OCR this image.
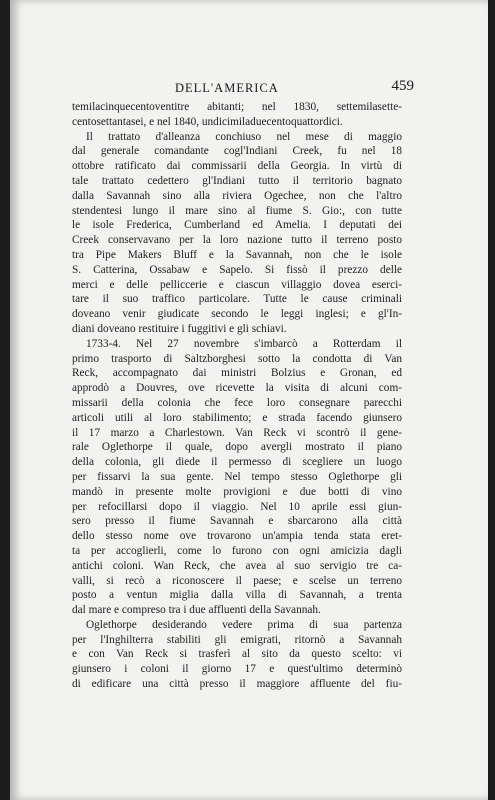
DELL'AMERICA	459
temilacinquecentoventitre abitanti; nel 1830, settemilasette-
centosettantasei, e nel 1840, undicimiladuecentoquattordici.
Il trattato d'alleanza conchiuso nel mese di maggio
dal generale comandante cogl'Indiani Creek, fu nel 18
ottobre ratificato dai commissarii della Georgia. In virtù di
tale trattato cedettero gl'Indiani tutto il territorio bagnato
dalla Savannah sino alla riviera Ogechee, non che l'altro
stendentesi lungo il mare sino al fiume S. Gio:, con tutte
le isole Frederica, Cumberland ed Amelia. I deputati dei
Creek conservavano per la loro nazione tutto il terreno posto
tra Pipe Makers Bluff e la Savannah, non che le isole
S. Catterina, Ossabaw e Sapelo. Si fissò il prezzo delle
merci e delle pelliccerie e ciascun villaggio dovea eserci-
tare il suo traffico particolare. Tutte le cause criminali
doveano venir giudicate secondo le leggi inglesi; e gl'In-
diani doveano restituire i fuggitivi e gli schiavi.
1733-4. Nel 27 novembre s'imbarcò a Rotterdam il
primo trasporto di Saltzborghesi sotto la condotta di Van
Reck, accompagnato dai ministri Bolzius e Gronan, ed
approdò a Douvres, ove ricevette la visita di alcuni com-
missarii della colonia che fece loro consegnare parecchi
articoli utili al loro stabilimento; e strada facendo giunsero
il 17 marzo a Charlestown. Van Reck vi scontrò il gene-
rale Oglethorpe il quale, dopo avergli mostrato il piano
della colonia, gli diede il permesso di scegliere un luogo
per fissarvi la sua gente. Nel tempo stesso Oglethorpe gli
mandò in presente molte provigioni e due botti di vino
per refocillarsi dopo il viaggio. Nel 10 aprile essi giun-
sero presso il fiume Savannah e sbarcarono alla città
dello stesso nome ove trovarono un'ampia tenda stata eret-
ta per accoglierli, come lo furono con ogni amicizia dagli
antichi coloni. Wan Reck, che avea al suo servigio tre ca-
valli, si recò a riconoscere il paese; e scelse un terreno
posto a ventun miglia dalla villa di Savannah, a trenta
dal mare e compreso tra i due affluenti della Savannah.
Oglethorpe desiderando vedere prima di sua partenza
per l'Inghilterra stabiliti gli emigrati, ritornò a Savannah
e con Van Reck si trasferì al sito da questo scelto: vi
giunsero i coloni il giorno 17 e quest'ultimo determinò
di edificare una città presso il maggiore affluente del fiu-
